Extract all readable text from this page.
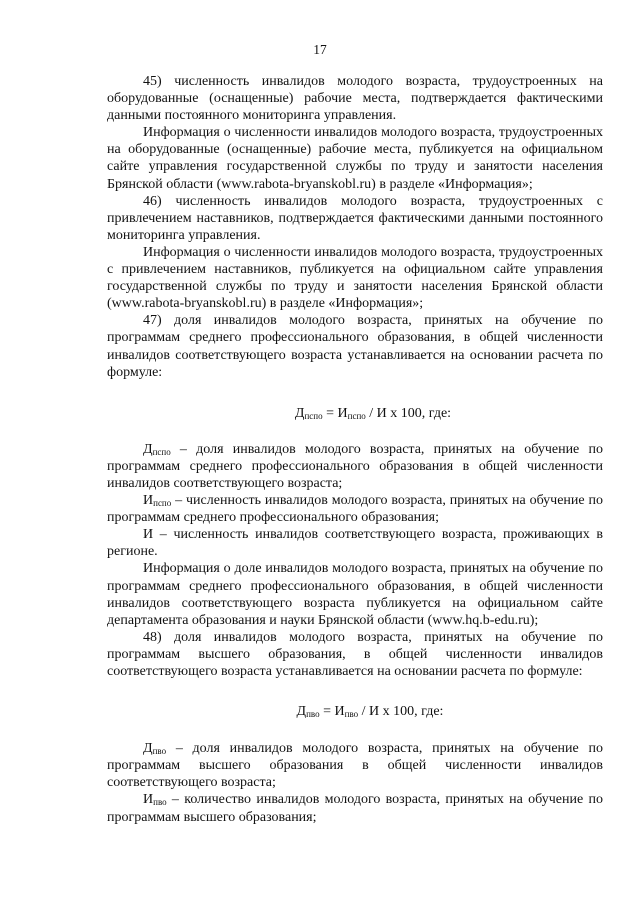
17

45) численность инвалидов молодого возраста, трудоустроенных на оборудованные (оснащенные) рабочие места, подтверждается фактическими данными постоянного мониторинга управления.

Информация о численности инвалидов молодого возраста, трудоустроенных на оборудованные (оснащенные) рабочие места, публикуется на официальном сайте управления государственной службы по труду и занятости населения Брянской области (www.rabota-bryanskobl.ru) в разделе «Информация»;

46) численность инвалидов молодого возраста, трудоустроенных с привлечением наставников, подтверждается фактическими данными постоянного мониторинга управления.

Информация о численности инвалидов молодого возраста, трудоустроенных с привлечением наставников, публикуется на официальном сайте управления государственной службы по труду и занятости населения Брянской области (www.rabota-bryanskobl.ru) в разделе «Информация»;

47) доля инвалидов молодого возраста, принятых на обучение по программам среднего профессионального образования, в общей численности инвалидов соответствующего возраста устанавливается на основании расчета по формуле:

$Д_{пспо} = И_{пспо} / И$ х 100, где:

$Д_{пспо}$ – доля инвалидов молодого возраста, принятых на обучение по программам среднего профессионального образования в общей численности инвалидов соответствующего возраста;

$И_{пспо}$ – численность инвалидов молодого возраста, принятых на обучение по программам среднего профессионального образования;

И – численность инвалидов соответствующего возраста, проживающих в регионе.

Информация о доле инвалидов молодого возраста, принятых на обучение по программам среднего профессионального образования, в общей численности инвалидов соответствующего возраста публикуется на официальном сайте департамента образования и науки Брянской области (www.hq.b-edu.ru);

48) доля инвалидов молодого возраста, принятых на обучение по программам высшего образования, в общей численности инвалидов соответствующего возраста устанавливается на основании расчета по формуле:

$Д_{пво} = И_{пво} / И$ х 100, где:

$Д_{пво}$ – доля инвалидов молодого возраста, принятых на обучение по программам высшего образования в общей численности инвалидов соответствующего возраста;

$И_{пво}$ – количество инвалидов молодого возраста, принятых на обучение по программам высшего образования;
